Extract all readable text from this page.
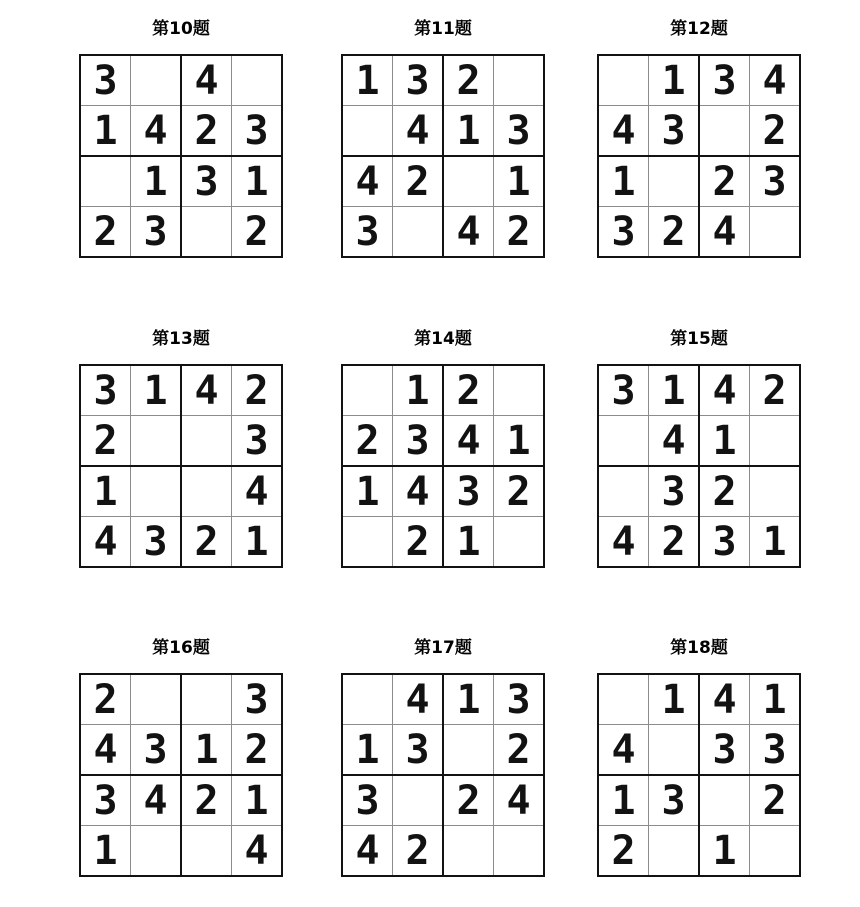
第10题
3		4	
1	4	2	3
	1	3	1
2	3		2
第11题
1	3	2	
	4	1	3
4	2		1
3		4	2
第12题
	1	3	4
4	3		2
1		2	3
3	2	4	
第13题
3	1	4	2
2			3
1			4
4	3	2	1
第14题
	1	2	
2	3	4	1
1	4	3	2
	2	1	
第15题
3	1	4	2
	4	1	
	3	2	
4	2	3	1
第16题
2			3
4	3	1	2
3	4	2	1
1			4
第17题
	4	1	3
1	3		2
3		2	4
4	2		
第18题
	1	4	1
4		3	3
1	3		2
2		1	
